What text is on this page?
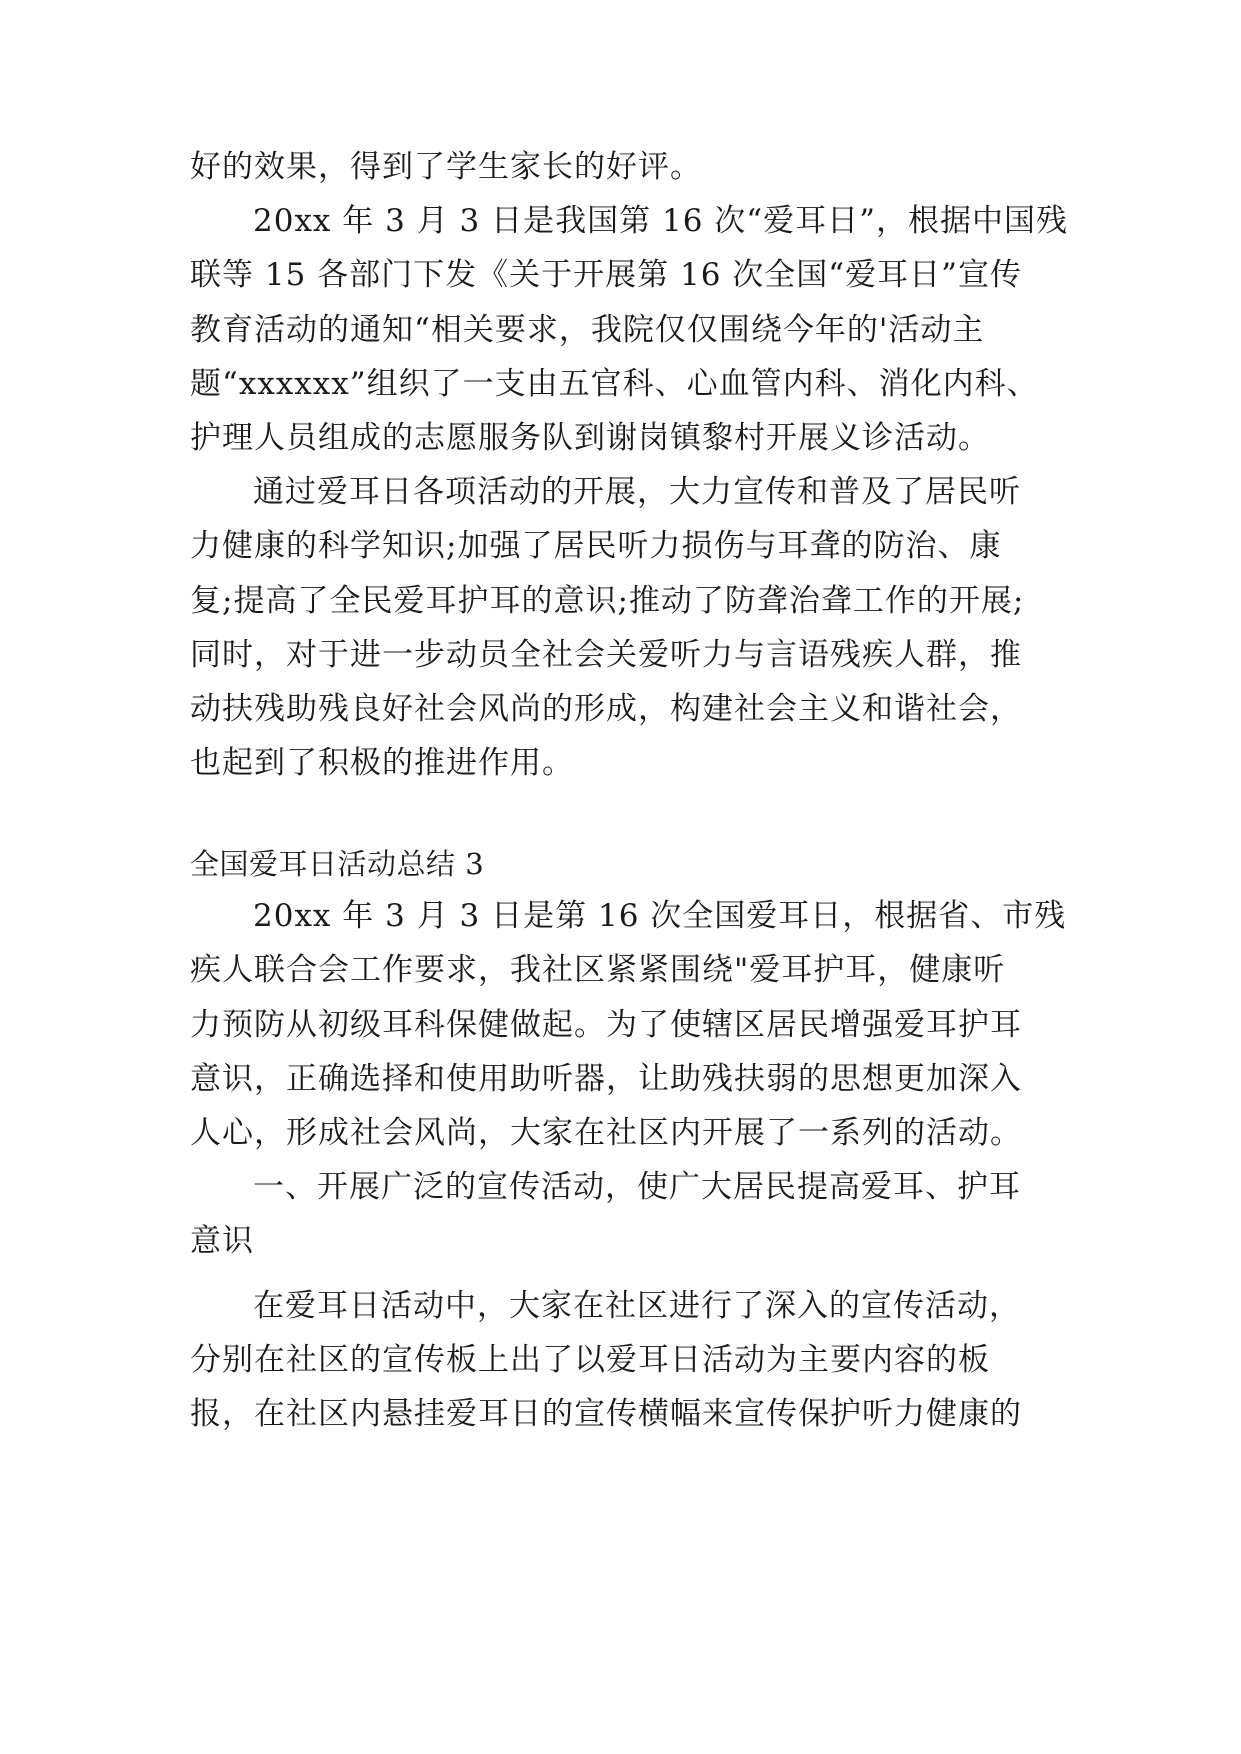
好的效果，得到了学生家长的好评。
20xx 年 3 月 3 日是我国第 16 次“爱耳日”，根据中国残
联等 15 各部门下发《关于开展第 16 次全国“爱耳日”宣传
教育活动的通知“相关要求，我院仅仅围绕今年的'活动主
题“xxxxxx”组织了一支由五官科、心血管内科、消化内科、
护理人员组成的志愿服务队到谢岗镇黎村开展义诊活动。
通过爱耳日各项活动的开展，大力宣传和普及了居民听
力健康的科学知识;加强了居民听力损伤与耳聋的防治、康
复;提高了全民爱耳护耳的意识;推动了防聋治聋工作的开展;
同时，对于进一步动员全社会关爱听力与言语残疾人群，推
动扶残助残良好社会风尚的形成，构建社会主义和谐社会，
也起到了积极的推进作用。
全国爱耳日活动总结 3
20xx 年 3 月 3 日是第 16 次全国爱耳日，根据省、市残
疾人联合会工作要求，我社区紧紧围绕"爱耳护耳，健康听
力预防从初级耳科保健做起。为了使辖区居民增强爱耳护耳
意识，正确选择和使用助听器，让助残扶弱的思想更加深入
人心，形成社会风尚，大家在社区内开展了一系列的活动。
一、开展广泛的宣传活动，使广大居民提高爱耳、护耳
意识
在爱耳日活动中，大家在社区进行了深入的宣传活动，
分别在社区的宣传板上出了以爱耳日活动为主要内容的板
报，在社区内悬挂爱耳日的宣传横幅来宣传保护听力健康的
